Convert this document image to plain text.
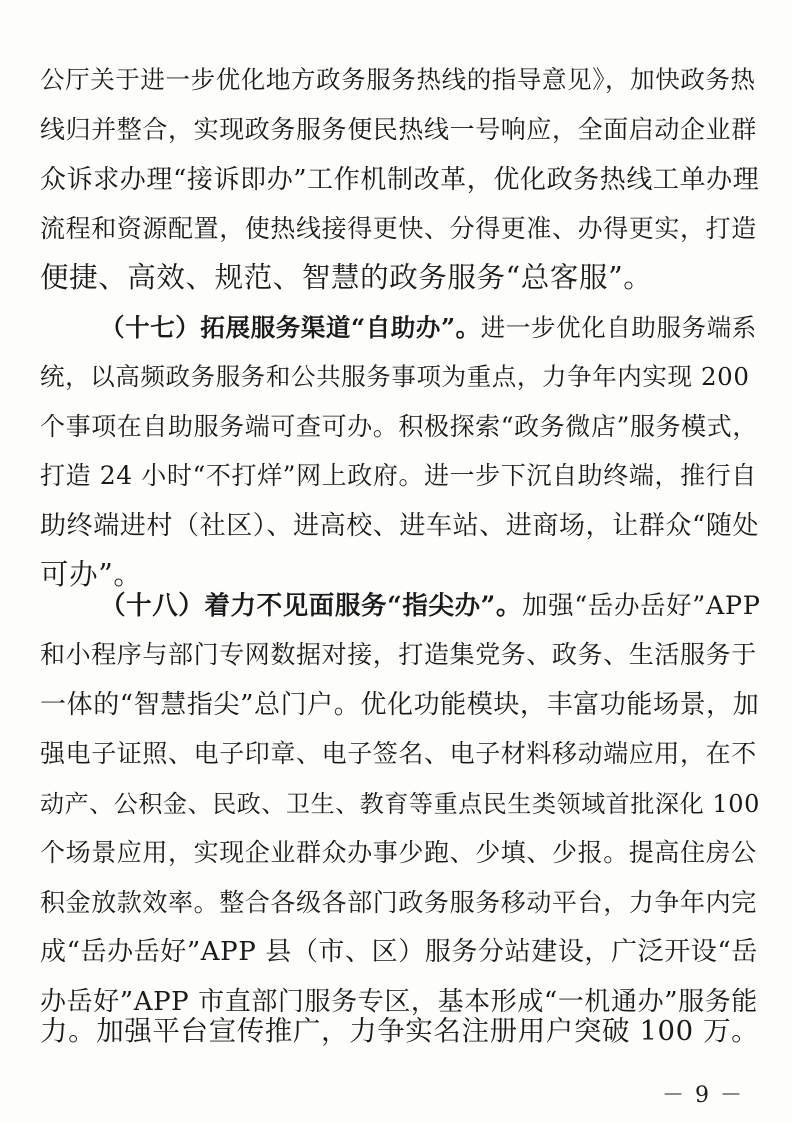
公厅关于进一步优化地方政务服务热线的指导意见》，加快政务热
线归并整合，实现政务服务便民热线一号响应，全面启动企业群
众诉求办理“接诉即办”工作机制改革，优化政务热线工单办理
流程和资源配置，使热线接得更快、分得更准、办得更实，打造
便捷、高效、规范、智慧的政务服务“总客服”。
（十七）拓展服务渠道“自助办”。进一步优化自助服务端系
统，以高频政务服务和公共服务事项为重点，力争年内实现 200
个事项在自助服务端可查可办。积极探索“政务微店”服务模式，
打造 24 小时“不打烊”网上政府。进一步下沉自助终端，推行自
助终端进村（社区）、进高校、进车站、进商场，让群众“随处
可办”。
（十八）着力不见面服务“指尖办”。加强“岳办岳好”APP
和小程序与部门专网数据对接，打造集党务、政务、生活服务于
一体的“智慧指尖”总门户。优化功能模块，丰富功能场景，加
强电子证照、电子印章、电子签名、电子材料移动端应用，在不
动产、公积金、民政、卫生、教育等重点民生类领域首批深化 100
个场景应用，实现企业群众办事少跑、少填、少报。提高住房公
积金放款效率。整合各级各部门政务服务移动平台，力争年内完
成“岳办岳好”APP 县（市、区）服务分站建设，广泛开设“岳
办岳好”APP 市直部门服务专区，基本形成“一机通办”服务能
力。加强平台宣传推广，力争实名注册用户突破 100 万。
－ 9 －
